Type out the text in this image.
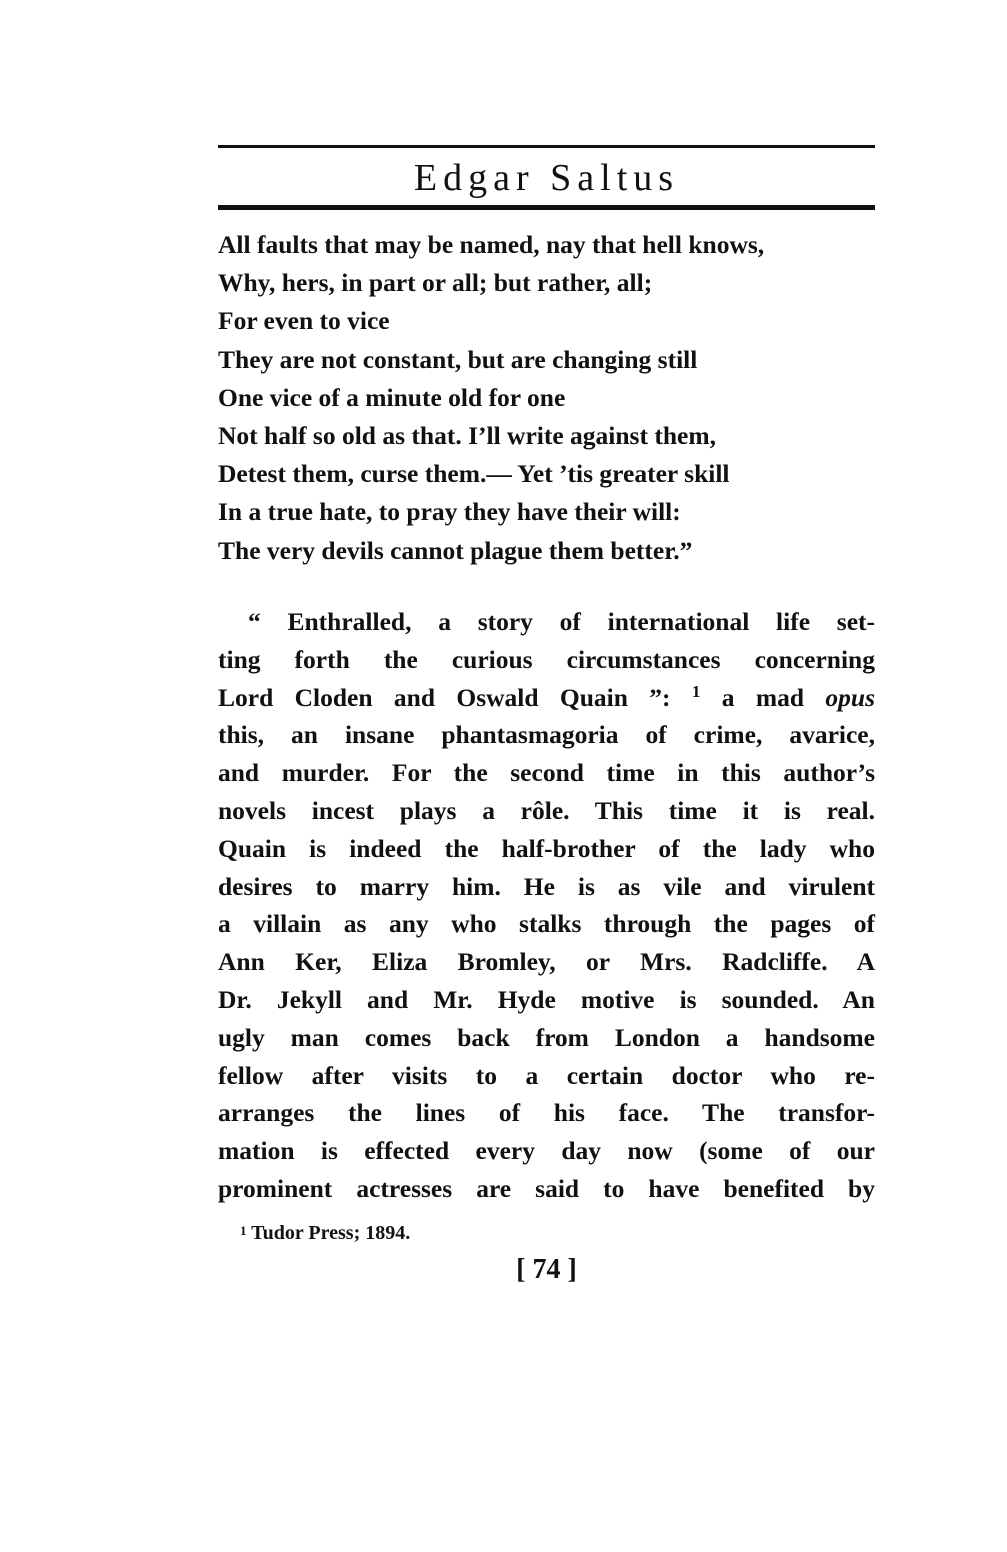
Edgar Saltus
All faults that may be named, nay that hell knows,
Why, hers, in part or all; but rather, all;
For even to vice
They are not constant, but are changing still
One vice of a minute old for one
Not half so old as that. I’ll write against them,
Detest them, curse them.— Yet ’tis greater skill
In a true hate, to pray they have their will:
The very devils cannot plague them better.”
“ Enthralled, a story of international life set-
ting forth the curious circumstances concerning
Lord Cloden and Oswald Quain ”: $^1$ a mad opus
this, an insane phantasmagoria of crime, avarice,
and murder. For the second time in this author’s
novels incest plays a rôle. This time it is real.
Quain is indeed the half-brother of the lady who
desires to marry him. He is as vile and virulent
a villain as any who stalks through the pages of
Ann Ker, Eliza Bromley, or Mrs. Radcliffe. A
Dr. Jekyll and Mr. Hyde motive is sounded. An
ugly man comes back from London a handsome
fellow after visits to a certain doctor who re-
arranges the lines of his face. The transfor-
mation is effected every day now (some of our
prominent actresses are said to have benefited by
$^1$ Tudor Press; 1894.
[ 74 ]
